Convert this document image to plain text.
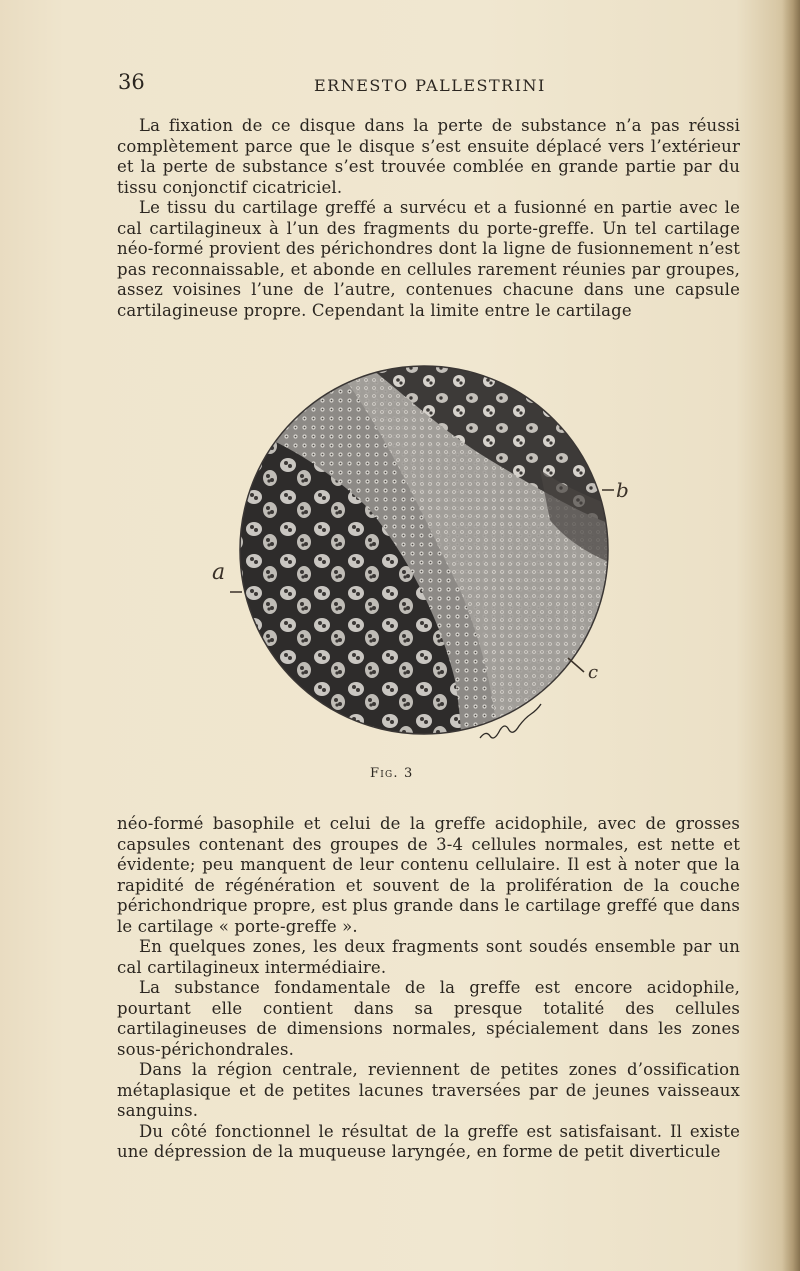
36	ERNESTO PALLESTRINI

La fixation de ce disque dans la perte de substance n’a pas réussi complètement parce que le disque s’est ensuite déplacé vers l’extérieur et la perte de substance s’est trouvée comblée en grande partie par du tissu conjonctif cicatriciel.

Le tissu du cartilage greffé a survécu et a fusionné en partie avec le cal cartilagineux à l’un des fragments du porte-greffe. Un tel cartilage néo-formé provient des périchondres dont la ligne de fusionnement n’est pas reconnaissable, et abonde en cellules rarement réunies par groupes, assez voisines l’une de l’autre, contenues chacune dans une capsule cartilagineuse propre. Cependant la limite entre le cartilage

a
b
c
Fig. 3

néo-formé basophile et celui de la greffe acidophile, avec de grosses capsules contenant des groupes de 3-4 cellules normales, est nette et évidente; peu manquent de leur contenu cellulaire. Il est à noter que la rapidité de régénération et souvent de la prolifération de la couche périchondrique propre, est plus grande dans le cartilage greffé que dans le cartilage « porte-greffe ».

En quelques zones, les deux fragments sont soudés ensemble par un cal cartilagineux intermédiaire.

La substance fondamentale de la greffe est encore acidophile, pourtant elle contient dans sa presque totalité des cellules cartilagineuses de dimensions normales, spécialement dans les zones sous-périchondrales.

Dans la région centrale, reviennent de petites zones d’ossification métaplasique et de petites lacunes traversées par de jeunes vaisseaux sanguins.

Du côté fonctionnel le résultat de la greffe est satisfaisant. Il existe une dépression de la muqueuse laryngée, en forme de petit diverticule
